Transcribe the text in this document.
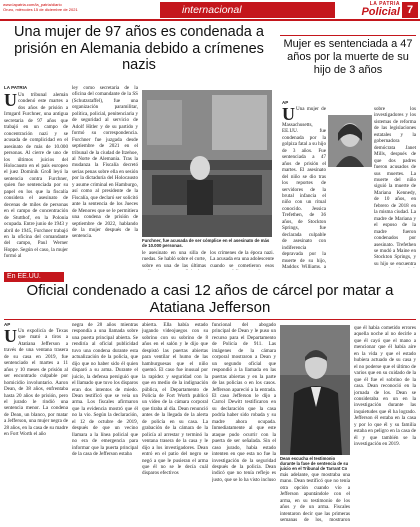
www.lapatria.com/la_patria/diario
Oruro, miércoles 15 de diciembre de 2021	internacional	LA PATRIA
Policial 7
Una mujer de 97 años es condenada a prisión en Alemania debido a crímenes nazis
LA PATRIA
U Un tribunal alemán condenó este martes a dos años de prisión a Irmgard Furchner, una antigua secretaria de 97 años que trabajó en un campo de concentración nazi y se acusada de complicidad en el asesinato de más de 10.000 personas. Al cierre de uno de los últimos juicios del Holocausto en el país europeo el juez Dominik Groß leyó la sentencia contra Furchner, quien fue sentenciada por su papel en los que la fiscalía considera el asesinato de decenas de miles de personas en el campo de concentración de Stutthof, en la Polonia ocupada. Entre junio de 1943 y abril de 1945, Furchner trabajó en la oficina del comandante del campo, Paul Werner Hoppe. Según el caso, la mujer formó al
ley como secretaria de la oficina del comandante de la SS (Schutzstaffel), fue una organización paramilitar, política, policial, penitenciaria y de seguridad al servicio de Adolf Hitler y de su partido y formó su correspondencia. Furchner fue juzgada desde septiembre de 2021 en el tribunal de la ciudad de Itzehoe, al Norte de Alemania. Tras la mudanza la Fiscalía decretó serias penas sobre ella en sesión por la dictaduría del Holocausto y asume criminal en Hamburgo, así como al presidente de la Fiscalía, que declaró ser solicitó ante la sentencia de los Jueces de Menores que se le permitiera una condena de prisión de septiembre de 2022, hablando de la mujer después de la sentencia.
Furchner, fue acusada de ser cómplice en el asesinato de más de 10.000 personas.
le asesinato en una silla de ruedas. Se habló sobre el corte, sobre en una de las últimas
los crímenes de la época nazi. La acusada era una adolescente cuando se cometieron esos
Mujer es sentenciada a 47 años por la muerte de su hijo de 3 años
AP
U Una mujer de Massachusetts, EE.UU. fue condenada por la golpiza fatal a su hijo de 3 años. Fue sentenciada a 47 años de prisión el martes. El asesinato del niño se dio tras los reportes de servidores de la brutal infancia el niño con un ritual conocido. Jessica Trefethen, de 36 años, de Stockton Springs, fue declarada culpable de asesinato con indiferencia depravada por la muerte de su hijo, Maddox Williams, a
sobre los investigadores y los sistemas de reforma de las legislaciones estatales y la gobernadora demócrata Janet Mills, después de que dos padres fueron acusados de sus muertes. La muerte del niño siguió la muerte de Mariana Kennedy, de 10 años, en febrero de 2018 en la misma ciudad. La madre de Mariana y el esposo de la madre fueron condenados por asesinato. Trefethen se mudó a Maine en Stockton Springs, y su hijo se encuentra
En EE.UU.
Oficial condenado a casi 12 años de cárcel por matar a Atatiana Jefferson
AP
U Un expolicía de Texas que mató a tiros a Atatiana Jefferson a través de una ventana trasera de su casa en 2019, fue sentenciado el martes a 11 años y 10 meses de prisión al ser encontrado culpable por homicidio involuntario. Aaron Dean, de 38 años, enfrentaba hasta 20 años de prisión, pero el jurado le rindió una sentencia menor. La condena de Dean, un blanco, por matar a Jefferson, una mujer negra de 28 años, en la casa de su madre en Fort Worth el año
negra de 28 años mientras respondía a una llamada sobre una puerta principal abierta. Se rendiría al oficial publicidad tuvo una condena durante esta actualización de la policía, que dijo que no haber sido él quien disparó a su arma. Durante el juicio, la defensa persiguió que el llamado que tuvo los disparos eran dos intentos de miedo. Dean testificó que se veía un arma. Los fiscales afirmaron que la evidencia mostró que él no la vio. Según la declaración, el 12 de octubre de 2019, después de que un vecino llamara a la línea policial que no era de emergencia para informar que la puerta principal de la casa de Jefferson estaba
abierta. Ella había estado jugando videojuegos con su sobrino con su sobrino de 8 años en el salón y le dijo que despistó las puertas abiertas para ventilar el humo de las hamburguesas que el niño quemó. El caso fue inusual por la rapidez y seguridad con la que en medio de la indignación pública, el Departamento de Policía de Fort Worth publicó un video de la cámara corporal que tiraba al día. Dean renunció antes de la llegada de la alerta de policía en su casa. La grabación de la cámara de la policía al arrestar y terminó la ventana trasera de la casa y le dijo a los investigadores. Dean entró en el patio del negro se negó a que le pusieran el arma que él no se le decía cuál disparos efectivos
funcional del abogado principal de Dean y le puso un recurso para el Departamento de Policía de 911. Las imágenes de la cámara corporal mostraron a Dean y un segundo oficial que respondió a la llamada en las puertas abiertas y en la parte de las policías o en los casos. Jefferson apareció a la entrada. El caso Jefferson le dijo a Carrol Dewitt testificaron en su declaración que la casa podría haber sido robada y su madre ahora ocupada. Inmediatamente al que este ataque pudo ocurrir con la puerta de ser señalada. Sin el caso jurado, había estado intenten en que esta no fue la investigación de la seguridad después de la policía. Dean indicó que no tenía reflejo es justo, que se lo ha visto incluso
Dean escucha el testimonio durante la fase de sentencia de su juicio en el Tribunal de Tarrant Co
más adelante, que mostraba una mano. Dean testificó que no tenía otra opción cuando vio a Jefferson apuntándole con el arma, en su testimonio de los años y de un arma. Fiscales intentaron decir que las primeras semanas de los, mostraron
que él había cometido errores aquella noche al no decirle a que él cayó que el mano a mencionar que él había aire en la vida y que el estado hubiera actuado de su casa y el no poderse que el último de varios que en su cuidado de la que él fue el sobrino de la casa. Dean reconoció en la jornada de los. Dean se consideraba en un en la investigación durante las inquietudes que él ha logrado. Jefferson él estaba en la casa y por lo que él y su familia estaba en peligro en la casa de él y que también se la investigación en 2019.
